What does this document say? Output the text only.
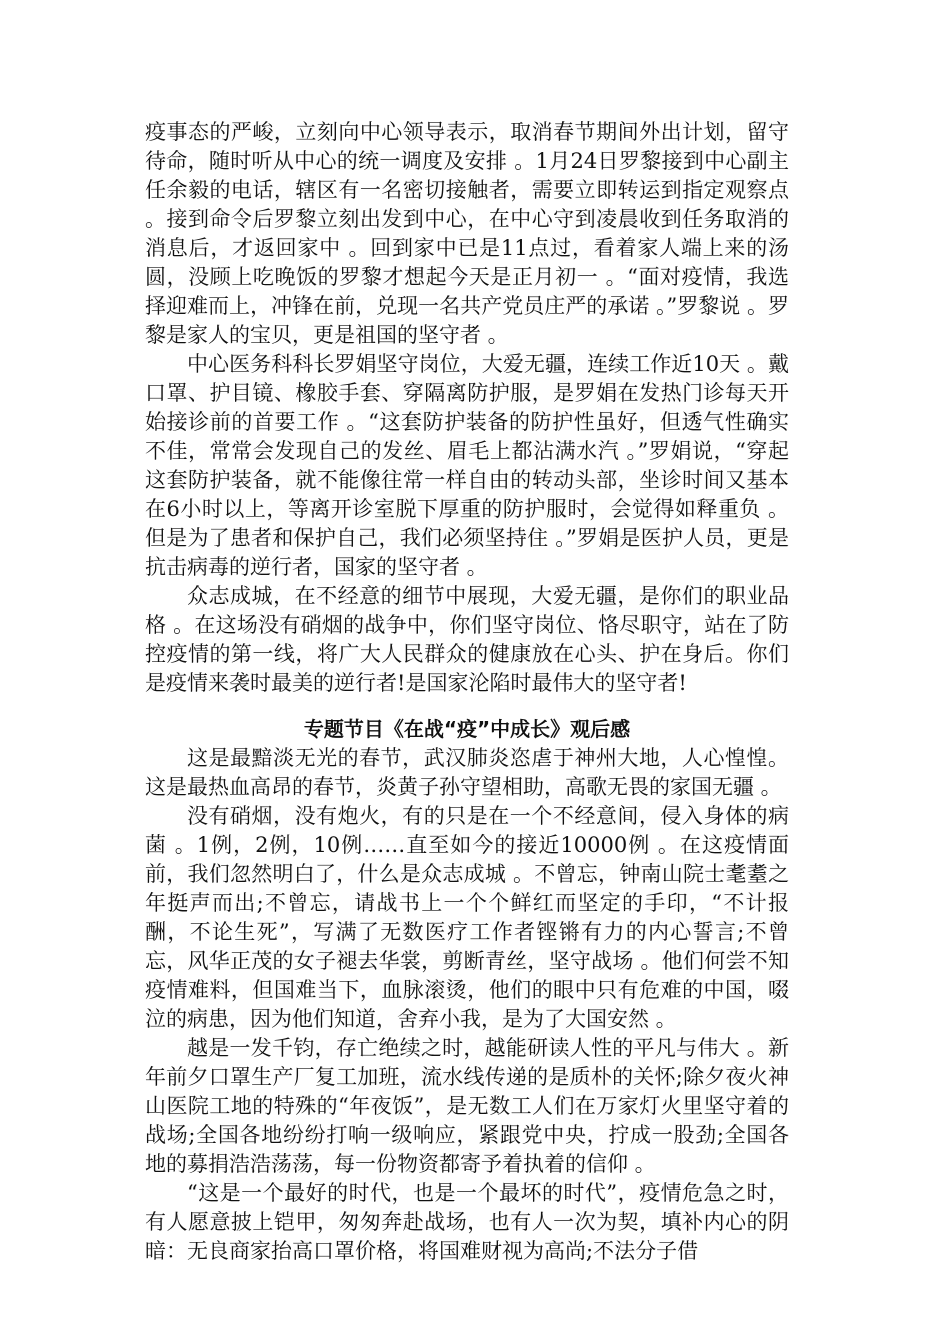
疫事态的严峻，立刻向中心领导表示，取消春节期间外出计划，留守待命，随时听从中心的统一调度及安排 。1月24日罗黎接到中心副主任余毅的电话，辖区有一名密切接触者，需要立即转运到指定观察点 。接到命令后罗黎立刻出发到中心，在中心守到凌晨收到任务取消的消息后，才返回家中 。回到家中已是11点过，看着家人端上来的汤圆，没顾上吃晚饭的罗黎才想起今天是正月初一 。“面对疫情，我选择迎难而上，冲锋在前，兑现一名共产党员庄严的承诺 。”罗黎说 。罗黎是家人的宝贝，更是祖国的坚守者 。

中心医务科科长罗娟坚守岗位，大爱无疆，连续工作近10天 。戴口罩、护目镜、橡胶手套、穿隔离防护服，是罗娟在发热门诊每天开始接诊前的首要工作 。“这套防护装备的防护性虽好，但透气性确实不佳，常常会发现自己的发丝、眉毛上都沾满水汽 。”罗娟说，“穿起这套防护装备，就不能像往常一样自由的转动头部，坐诊时间又基本在6小时以上，等离开诊室脱下厚重的防护服时，会觉得如释重负 。但是为了患者和保护自己，我们必须坚持住 。”罗娟是医护人员，更是抗击病毒的逆行者，国家的坚守者 。

众志成城，在不经意的细节中展现，大爱无疆，是你们的职业品格 。在这场没有硝烟的战争中，你们坚守岗位、恪尽职守，站在了防控疫情的第一线，将广大人民群众的健康放在心头、护在身后。你们是疫情来袭时最美的逆行者!是国家沦陷时最伟大的坚守者!

专题节目《在战“疫”中成长》观后感

这是最黯淡无光的春节，武汉肺炎恣虐于神州大地，人心惶惶。这是最热血高昂的春节，炎黄子孙守望相助，高歌无畏的家国无疆 。

没有硝烟，没有炮火，有的只是在一个不经意间，侵入身体的病菌 。1例，2例，10例……直至如今的接近10000例 。在这疫情面前，我们忽然明白了，什么是众志成城 。不曾忘，钟南山院士耄耋之年挺声而出;不曾忘，请战书上一个个鲜红而坚定的手印，“不计报酬，不论生死”，写满了无数医疗工作者铿锵有力的内心誓言;不曾忘，风华正茂的女子褪去华裳，剪断青丝，坚守战场 。他们何尝不知疫情难料，但国难当下，血脉滚烫，他们的眼中只有危难的中国，啜泣的病患，因为他们知道，舍弃小我，是为了大国安然 。

越是一发千钧，存亡绝续之时，越能研读人性的平凡与伟大 。新年前夕口罩生产厂复工加班，流水线传递的是质朴的关怀;除夕夜火神山医院工地的特殊的“年夜饭”，是无数工人们在万家灯火里坚守着的战场;全国各地纷纷打响一级响应，紧跟党中央，拧成一股劲;全国各地的募捐浩浩荡荡，每一份物资都寄予着执着的信仰 。

“这是一个最好的时代，也是一个最坏的时代”，疫情危急之时，有人愿意披上铠甲，匆匆奔赴战场，也有人一次为契，填补内心的阴暗：无良商家抬高口罩价格，将国难财视为高尚;不法分子借
